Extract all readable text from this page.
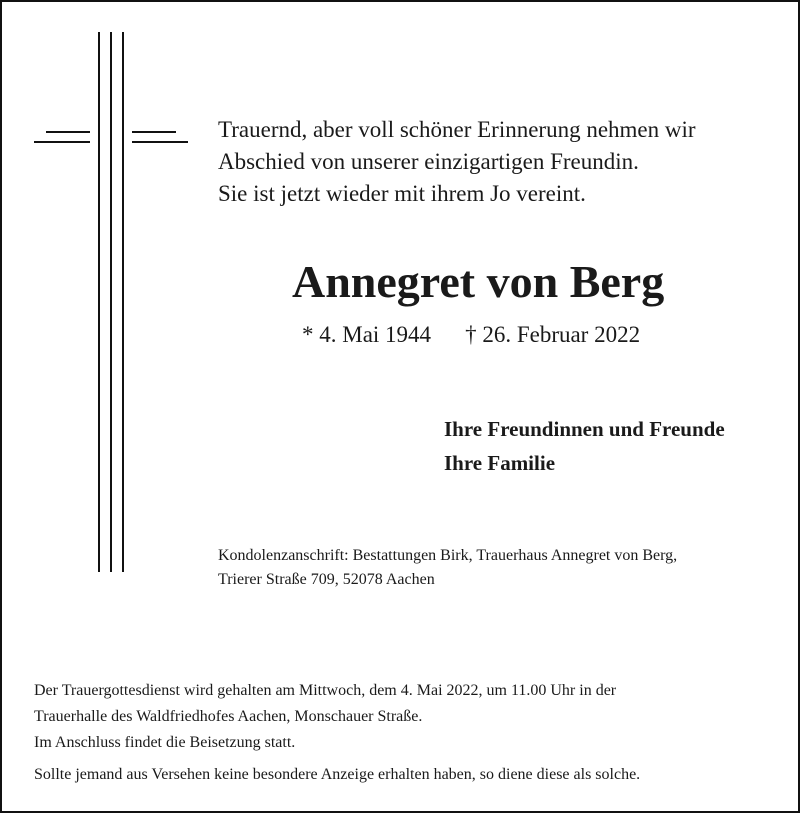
Trauernd, aber voll schöner Erinnerung nehmen wir
Abschied von unserer einzigartigen Freundin.
Sie ist jetzt wieder mit ihrem Jo vereint.
Annegret von Berg
* 4. Mai 1944 † 26. Februar 2022
Ihre Freundinnen und Freunde
Ihre Familie
Kondolenzanschrift: Bestattungen Birk, Trauerhaus Annegret von Berg,
Trierer Straße 709, 52078 Aachen
Der Trauergottesdienst wird gehalten am Mittwoch, dem 4. Mai 2022, um 11.00 Uhr in der
Trauerhalle des Waldfriedhofes Aachen, Monschauer Straße.
Im Anschluss findet die Beisetzung statt.
Sollte jemand aus Versehen keine besondere Anzeige erhalten haben, so diene diese als solche.
